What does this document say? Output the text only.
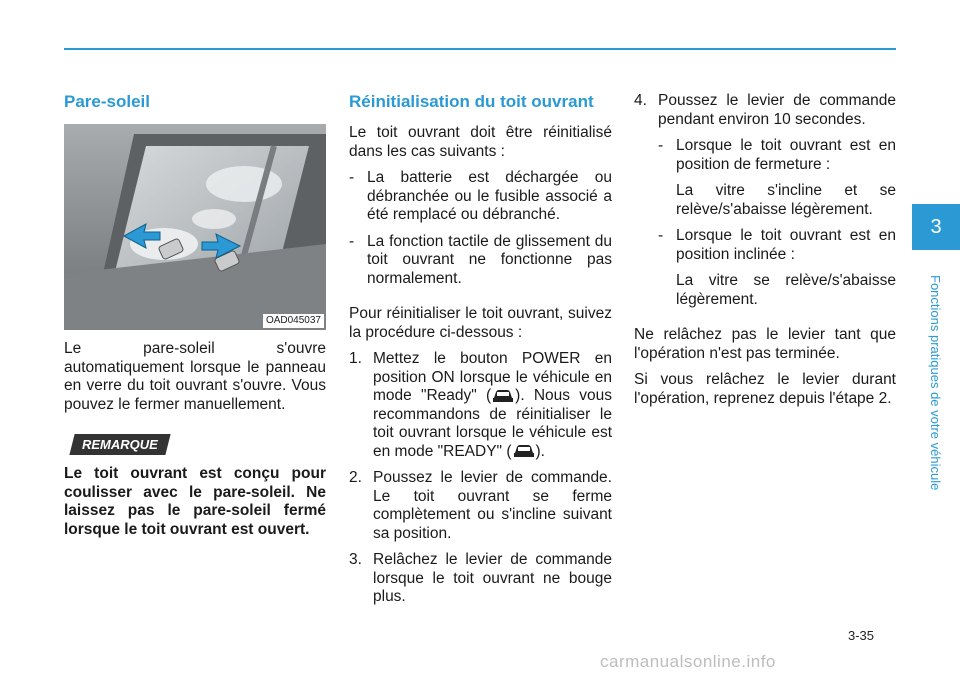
Pare-soleil
OAD045037

Le pare-soleil s'ouvre automatiquement lorsque le panneau en verre du toit ouvrant s'ouvre. Vous pouvez le fermer manuellement.

REMARQUE

Le toit ouvrant est conçu pour coulisser avec le pare-soleil. Ne laissez pas le pare-soleil fermé lorsque le toit ouvrant est ouvert.

Réinitialisation du toit ouvrant

Le toit ouvrant doit être réinitialisé dans les cas suivants :

- La batterie est déchargée ou débranchée ou le fusible associé a été remplacé ou débranché.
- La fonction tactile de glissement du toit ouvrant ne fonctionne pas normalement.

Pour réinitialiser le toit ouvrant, suivez la procédure ci-dessous :

1. Mettez le bouton POWER en position ON lorsque le véhicule en mode "Ready" ( ). Nous vous recommandons de réinitialiser le toit ouvrant lorsque le véhicule est en mode "READY" ( ).
2. Poussez le levier de commande. Le toit ouvrant se ferme complètement ou s'incline suivant sa position.
3. Relâchez le levier de commande lorsque le toit ouvrant ne bouge plus.
4. Poussez le levier de commande pendant environ 10 secondes.
- Lorsque le toit ouvrant est en position de fermeture :

La vitre s'incline et se relève/s'abaisse légèrement.

- Lorsque le toit ouvrant est en position inclinée :

La vitre se relève/s'abaisse légèrement.

Ne relâchez pas le levier tant que l'opération n'est pas terminée.

Si vous relâchez le levier durant l'opération, reprenez depuis l'étape 2.

3
Fonctions pratiques de votre véhicule
3-35
carmanualsonline.info
